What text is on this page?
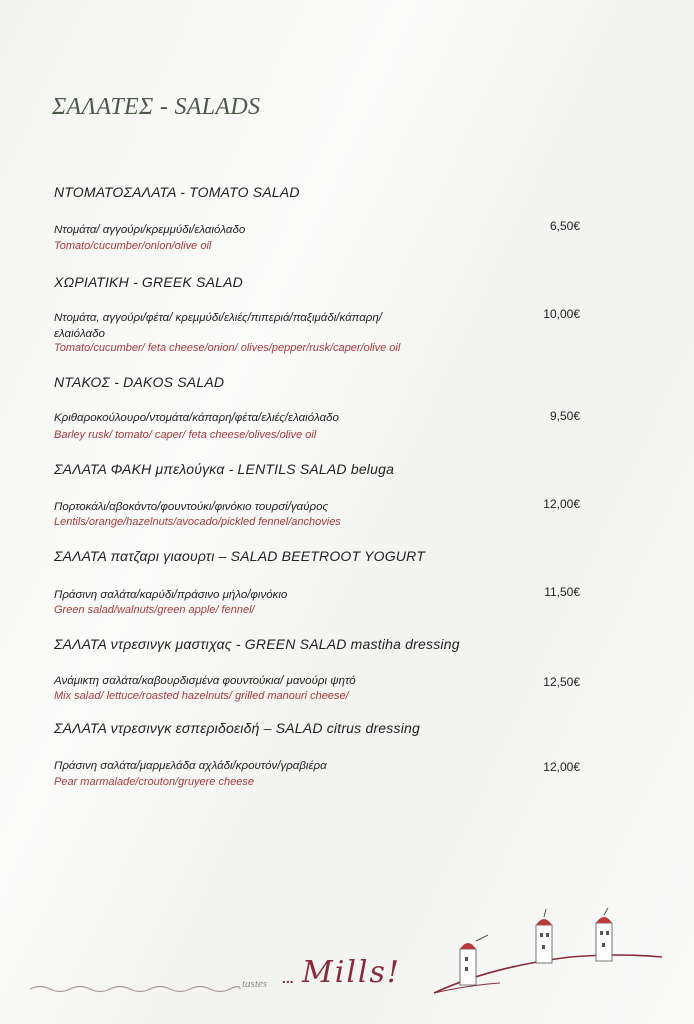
ΣΑΛΑΤΕΣ - SALADS
ΝΤΟΜΑΤΟΣΑΛΑΤΑ - TOMATO SALAD
Ντομάτα/ αγγούρι/κρεμμύδι/ελαιόλαδο
Tomato/cucumber/onion/olive oil
6,50€
ΧΩΡΙΑΤΙΚΗ - GREEK SALAD
Ντομάτα, αγγούρι/φέτα/ κρεμμύδι/ελιές/πιπεριά/παξιμάδι/κάπαρη/ ελαιόλαδο
Tomato/cucumber/ feta cheese/onion/ olives/pepper/rusk/caper/olive oil
10,00€
ΝΤΑΚΟΣ - DAKOS SALAD
Κριθαροκούλουρο/ντομάτα/κάπαρη/φέτα/ελιές/ελαιόλαδο
Barley rusk/ tomato/ caper/ feta cheese/olives/olive oil
9,50€
ΣΑΛΑΤΑ ΦΑΚΗ μπελούγκα - LENTILS SALAD beluga
Πορτοκάλι/αβοκάντο/φουντούκι/φινόκιο τουρσί/γαύρος
Lentils/orange/hazelnuts/avocado/pickled fennel/anchovies
12,00€
ΣΑΛΑΤΑ πατζαρι γιαουρτι – SALAD BEETROOT YOGURT
Πράσινη σαλάτα/καρύδι/πράσινο μήλο/φινόκιο
Green salad/walnuts/green apple/ fennel/
11,50€
ΣΑΛΑΤΑ ντρεσινγκ μαστιχας - GREEN SALAD mastiha dressing
Ανάμικτη σαλάτα/καβουρδισμένα φουντούκια/ μανούρι ψητό
Mix salad/ lettuce/roasted hazelnuts/ grilled manouri cheese/
12,50€
ΣΑΛΑΤΑ ντρεσινγκ εσπεριδοειδή – SALAD citrus dressing
Πράσινη σαλάτα/μαρμελάδα αχλάδι/κρουτόν/γραβιέρα
Pear marmalade/crouton/gruyere cheese
12,00€
tastes ... Mills!
